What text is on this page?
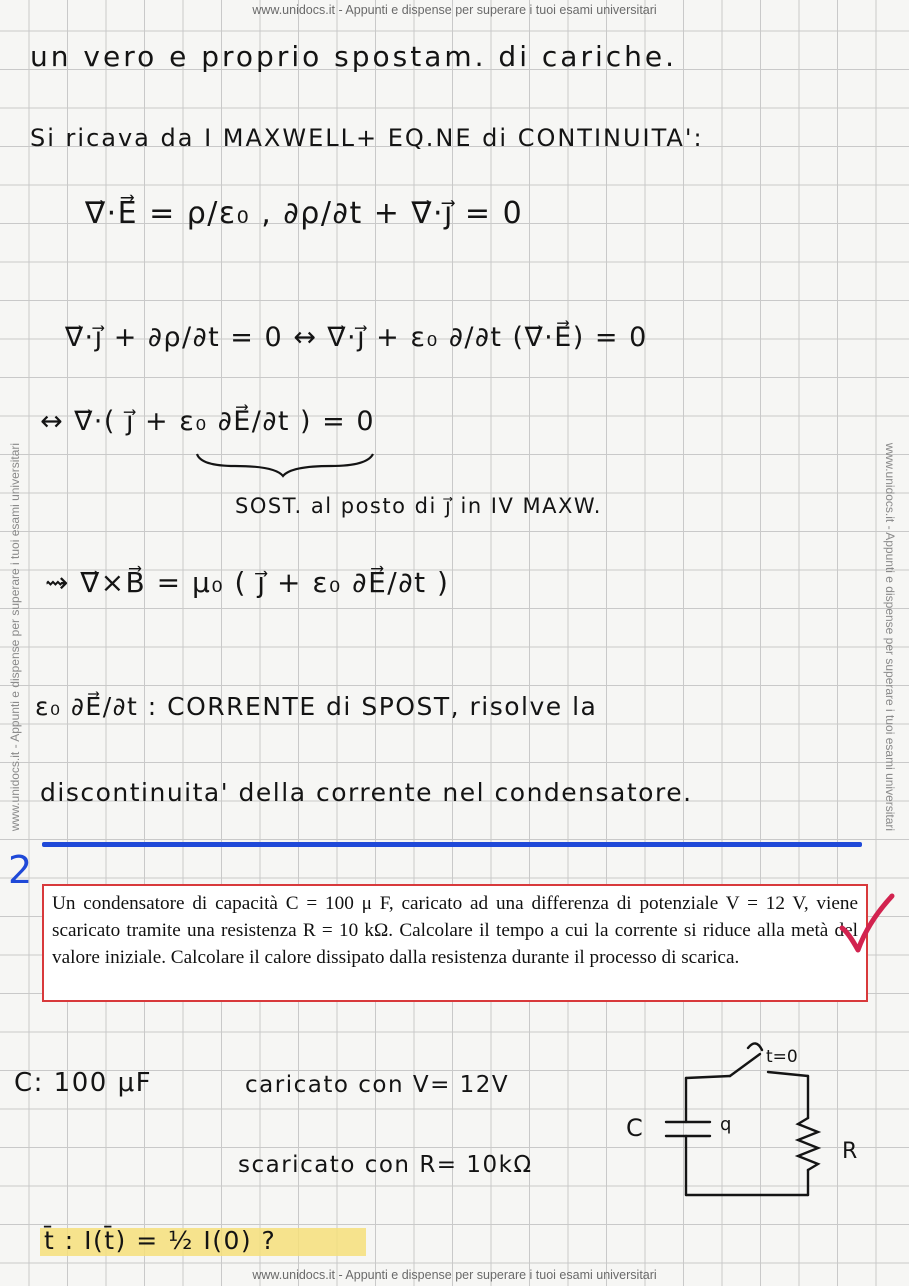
www.unidocs.it - Appunti e dispense per superare i tuoi esami universitari
www.unidocs.it - Appunti e dispense per superare i tuoi esami universitari
www.unidocs.it - Appunti e dispense per superare i tuoi esami universitari	www.unidocs.it - Appunti e dispense per superare i tuoi esami universitari
un vero e proprio spostam. di cariche.
Si ricava da I MAXWELL+ EQ.NE di CONTINUITA':
∇⃗·E⃗ = ρ/ε₀ , ∂ρ/∂t + ∇⃗·j⃗ = 0
∇⃗·j⃗ + ∂ρ/∂t = 0 ↔ ∇⃗·j⃗ + ε₀ ∂/∂t (∇⃗·E⃗) = 0
↔ ∇⃗·( j⃗ + ε₀ ∂E⃗/∂t ) = 0
SOST. al posto di j⃗ in IV MAXW.
⇝ ∇⃗×B⃗ = μ₀ ( j⃗ + ε₀ ∂E⃗/∂t )
ε₀ ∂E⃗/∂t : CORRENTE di SPOST, risolve la
discontinuita' della corrente nel condensatore.
2
Un condensatore di capacità C = 100 μ F, caricato ad una differenza di potenziale V = 12 V, viene scaricato tramite una resistenza R = 10 kΩ. Calcolare il tempo a cui la corrente si riduce alla metà del valore iniziale. Calcolare il calore dissipato dalla resistenza durante il processo di scarica.
C: 100 μF	caricato con V= 12V
scaricato con R= 10kΩ
t̄ : I(t̄) = ½ I(0) ?
t=0
C	q
R
